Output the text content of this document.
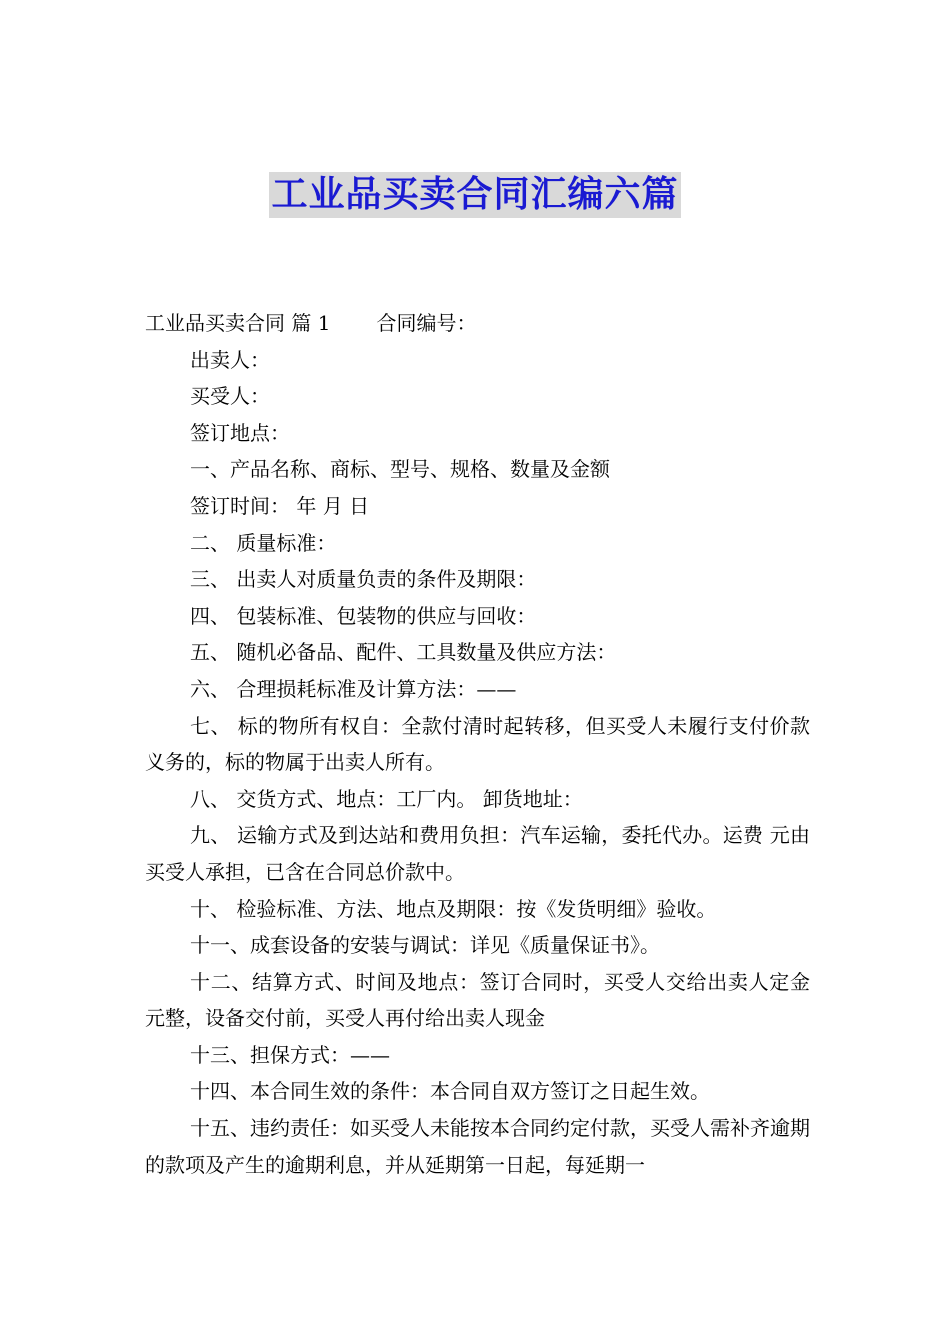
工业品买卖合同汇编六篇

工业品买卖合同 篇 1 合同编号：

出卖人：

买受人：

签订地点：

一、产品名称、商标、型号、规格、数量及金额

签订时间： 年 月 日

二、 质量标准：

三、 出卖人对质量负责的条件及期限：

四、 包装标准、包装物的供应与回收：

五、 随机必备品、配件、工具数量及供应方法：

六、 合理损耗标准及计算方法：——

七、 标的物所有权自：全款付清时起转移，但买受人未履行支付价款义务的，标的物属于出卖人所有。

八、 交货方式、地点：工厂内。 卸货地址：

九、 运输方式及到达站和费用负担：汽车运输，委托代办。运费 元由买受人承担，已含在合同总价款中。

十、 检验标准、方法、地点及期限：按《发货明细》验收。

十一、成套设备的安装与调试：详见《质量保证书》。

十二、结算方式、时间及地点：签订合同时，买受人交给出卖人定金 元整，设备交付前，买受人再付给出卖人现金

十三、担保方式：——

十四、本合同生效的条件：本合同自双方签订之日起生效。

十五、违约责任：如买受人未能按本合同约定付款，买受人需补齐逾期的款项及产生的逾期利息，并从延期第一日起，每延期一
